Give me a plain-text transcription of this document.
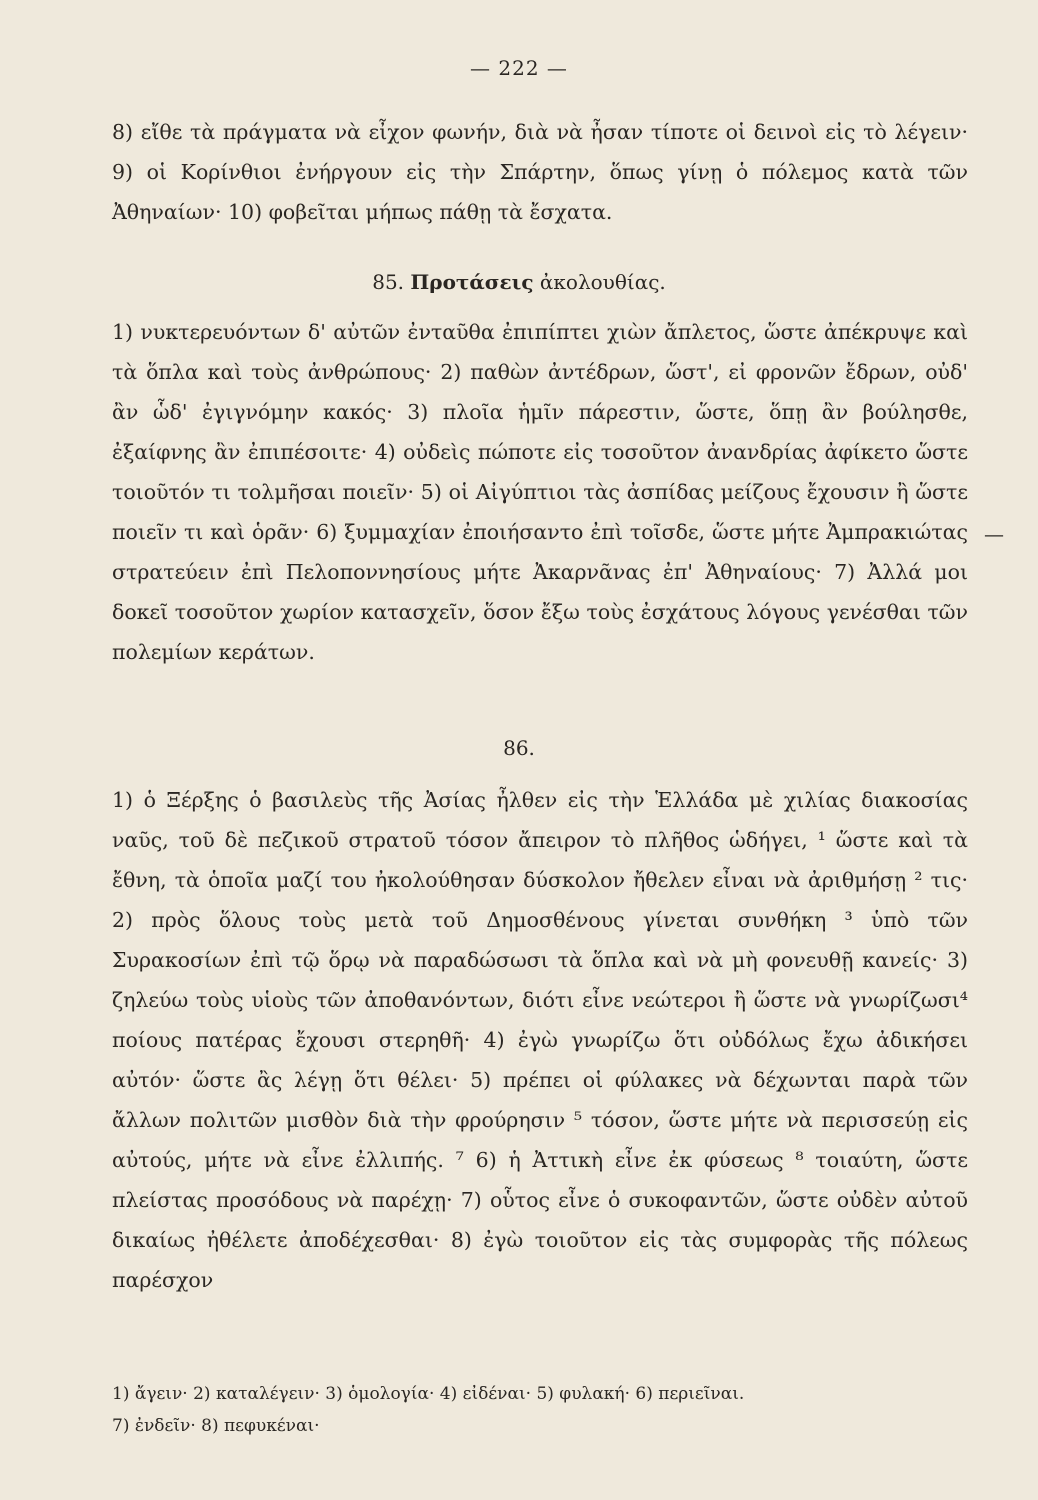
— 222 —
8) εἴθε τὰ πράγματα νὰ εἶχον φωνήν, διὰ νὰ ἦσαν τίποτε οἱ δεινοὶ εἰς τὸ λέγειν· 9) οἱ Κορίνθιοι ἐνήργουν εἰς τὴν Σπάρτην, ὅπως γίνῃ ὁ πόλεμος κατὰ τῶν Ἀθηναίων· 10) φοβεῖται μήπως πάθῃ τὰ ἔσχατα.
85. Προτάσεις ἀκολουθίας.
1) νυκτερευόντων δ' αὐτῶν ἐνταῦθα ἐπιπίπτει χιὼν ἄπλετος, ὥστε ἀπέκρυψε καὶ τὰ ὅπλα καὶ τοὺς ἀνθρώπους· 2) παθὼν ἀντέδρων, ὥστ', εἰ φρονῶν ἔδρων, οὐδ' ἂν ὧδ' ἐγιγνόμην κακός· 3) πλοῖα ἡμῖν πάρεστιν, ὥστε, ὅπῃ ἂν βούλησθε, ἐξαίφνης ἂν ἐπιπέσοιτε· 4) οὐδεὶς πώποτε εἰς τοσοῦτον ἀνανδρίας ἀφίκετο ὥστε τοιοῦτόν τι τολμῆσαι ποιεῖν· 5) οἱ Αἰγύπτιοι τὰς ἀσπίδας μείζους ἔχουσιν ἢ ὥστε ποιεῖν τι καὶ ὁρᾶν· 6) ξυμμαχίαν ἐποιήσαντο ἐπὶ τοῖσδε, ὥστε μήτε Ἀμπρακιώτας στρατεύειν ἐπὶ Πελοποννησίους μήτε Ἀκαρνᾶνας ἐπ' Ἀθηναίους· 7) Ἀλλά μοι δοκεῖ τοσοῦτον χωρίον κατασχεῖν, ὅσον ἔξω τοὺς ἐσχάτους λόγους γενέσθαι τῶν πολεμίων κεράτων.
86.
1) ὁ Ξέρξης ὁ βασιλεὺς τῆς Ἀσίας ἦλθεν εἰς τὴν Ἑλλάδα μὲ χιλίας διακοσίας ναῦς, τοῦ δὲ πεζικοῦ στρατοῦ τόσον ἄπειρον τὸ πλῆθος ὡδήγει, ¹ ὥστε καὶ τὰ ἔθνη, τὰ ὁποῖα μαζί του ἠκολούθησαν δύσκολον ἤθελεν εἶναι νὰ ἀριθμήσῃ ² τις· 2) πρὸς ὅλους τοὺς μετὰ τοῦ Δημοσθένους γίνεται συνθήκη ³ ὑπὸ τῶν Συρακοσίων ἐπὶ τῷ ὅρῳ νὰ παραδώσωσι τὰ ὅπλα καὶ νὰ μὴ φονευθῇ κανείς· 3) ζηλεύω τοὺς υἱοὺς τῶν ἀποθανόντων, διότι εἶνε νεώτεροι ἢ ὥστε νὰ γνωρίζωσι⁴ ποίους πατέρας ἔχουσι στερηθῆ· 4) ἐγὼ γνωρίζω ὅτι οὐδόλως ἔχω ἀδικήσει αὐτόν· ὥστε ἂς λέγῃ ὅτι θέλει· 5) πρέπει οἱ φύλακες νὰ δέχωνται παρὰ τῶν ἄλλων πολιτῶν μισθὸν διὰ τὴν φρούρησιν ⁵ τόσον, ὥστε μήτε νὰ περισσεύῃ εἰς αὐτούς, μήτε νὰ εἶνε ἐλλιπής. ⁷ 6) ἡ Ἀττικὴ εἶνε ἐκ φύσεως ⁸ τοιαύτη, ὥστε πλείστας προσόδους νὰ παρέχῃ· 7) οὗτος εἶνε ὁ συκοφαντῶν, ὥστε οὐδὲν αὐτοῦ δικαίως ἠθέλετε ἀποδέχεσθαι· 8) ἐγὼ τοιοῦτον εἰς τὰς συμφορὰς τῆς πόλεως παρέσχον
1) ἄγειν· 2) καταλέγειν· 3) ὁμολογία· 4) εἰδέναι· 5) φυλακή· 6) περιεῖναι.
7) ἐνδεῖν· 8) πεφυκέναι·
—
